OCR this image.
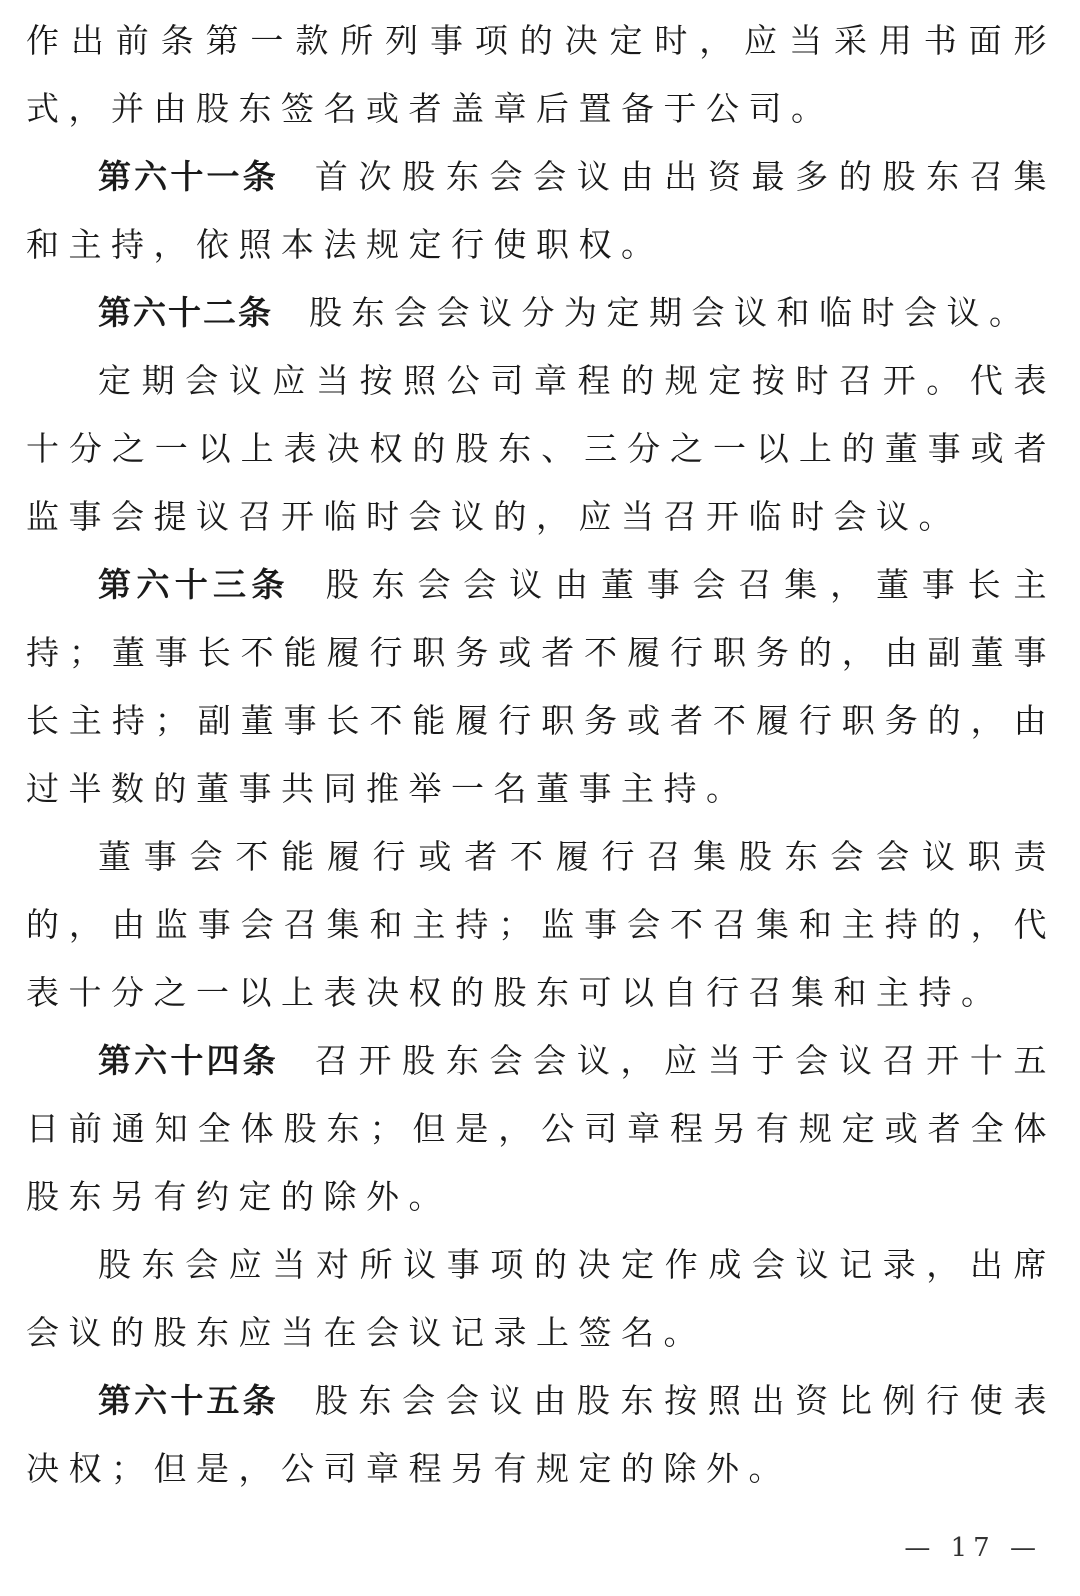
作出前条第一款所列事项的决定时，应当采用书面形式，并由股东签名或者盖章后置备于公司。

第六十一条 首次股东会会议由出资最多的股东召集和主持，依照本法规定行使职权。

第六十二条 股东会会议分为定期会议和临时会议。

定期会议应当按照公司章程的规定按时召开。代表十分之一以上表决权的股东、三分之一以上的董事或者监事会提议召开临时会议的，应当召开临时会议。

第六十三条 股东会会议由董事会召集，董事长主持；董事长不能履行职务或者不履行职务的，由副董事长主持；副董事长不能履行职务或者不履行职务的，由过半数的董事共同推举一名董事主持。

董事会不能履行或者不履行召集股东会会议职责的，由监事会召集和主持；监事会不召集和主持的，代表十分之一以上表决权的股东可以自行召集和主持。

第六十四条 召开股东会会议，应当于会议召开十五日前通知全体股东；但是，公司章程另有规定或者全体股东另有约定的除外。

股东会应当对所议事项的决定作成会议记录，出席会议的股东应当在会议记录上签名。

第六十五条 股东会会议由股东按照出资比例行使表决权；但是，公司章程另有规定的除外。

— 17 —
